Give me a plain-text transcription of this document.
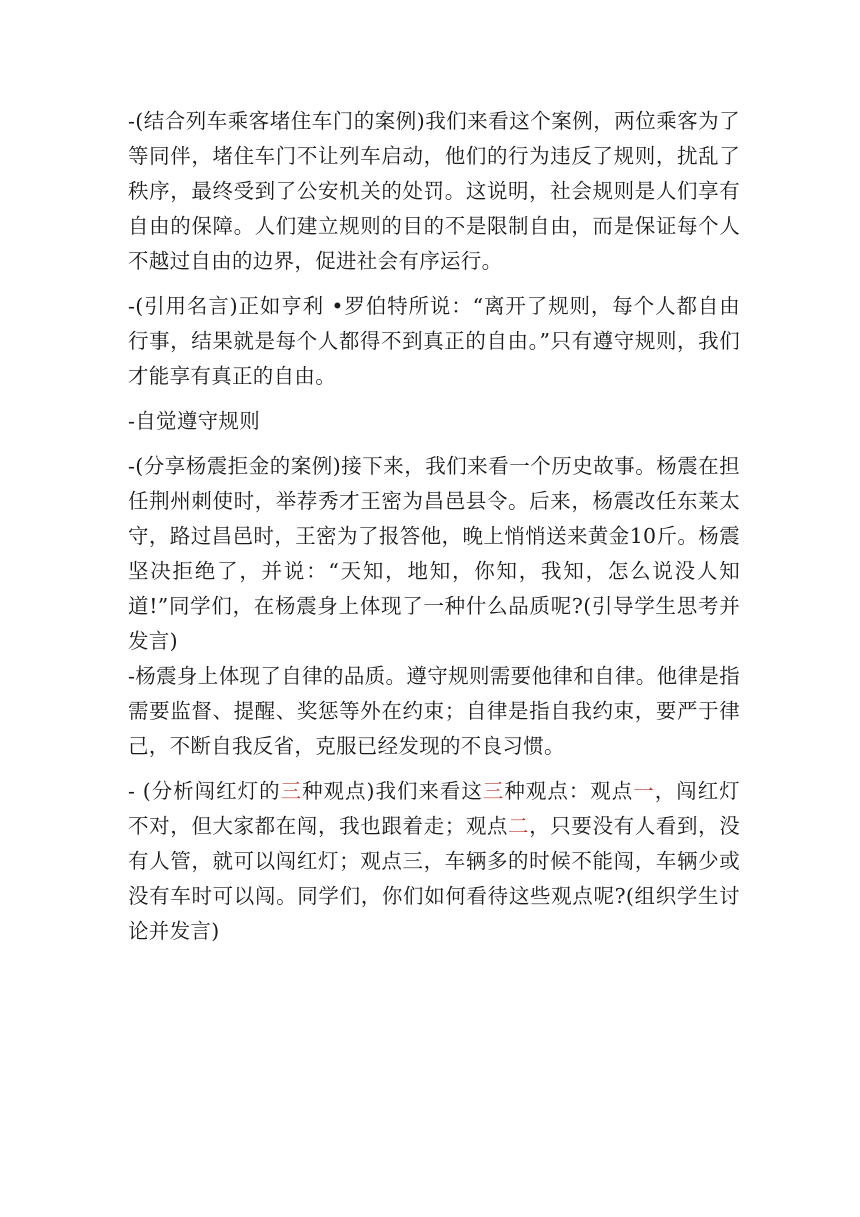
-(结合列车乘客堵住车门的案例)我们来看这个案例，两位乘客为了等同伴，堵住车门不让列车启动，他们的行为违反了规则，扰乱了秩序，最终受到了公安机关的处罚。这说明，社会规则是人们享有自由的保障。人们建立规则的目的不是限制自由，而是保证每个人不越过自由的边界，促进社会有序运行。

-(引用名言)正如亨利 •罗伯特所说：“离开了规则，每个人都自由行事，结果就是每个人都得不到真正的自由。”只有遵守规则，我们才能享有真正的自由。

-自觉遵守规则

-(分享杨震拒金的案例)接下来，我们来看一个历史故事。杨震在担任荆州刺使时，举荐秀才王密为昌邑县令。后来，杨震改任东莱太守，路过昌邑时，王密为了报答他，晚上悄悄送来黄金10斤。杨震坚决拒绝了，并说：“天知，地知，你知，我知，怎么说没人知道!”同学们，在杨震身上体现了一种什么品质呢?(引导学生思考并发言)

-杨震身上体现了自律的品质。遵守规则需要他律和自律。他律是指需要监督、提醒、奖惩等外在约束；自律是指自我约束，要严于律己，不断自我反省，克服已经发现的不良习惯。

- (分析闯红灯的三种观点)我们来看这三种观点：观点一，闯红灯不对，但大家都在闯，我也跟着走；观点二，只要没有人看到，没有人管，就可以闯红灯；观点三，车辆多的时候不能闯，车辆少或没有车时可以闯。同学们，你们如何看待这些观点呢?(组织学生讨论并发言)
